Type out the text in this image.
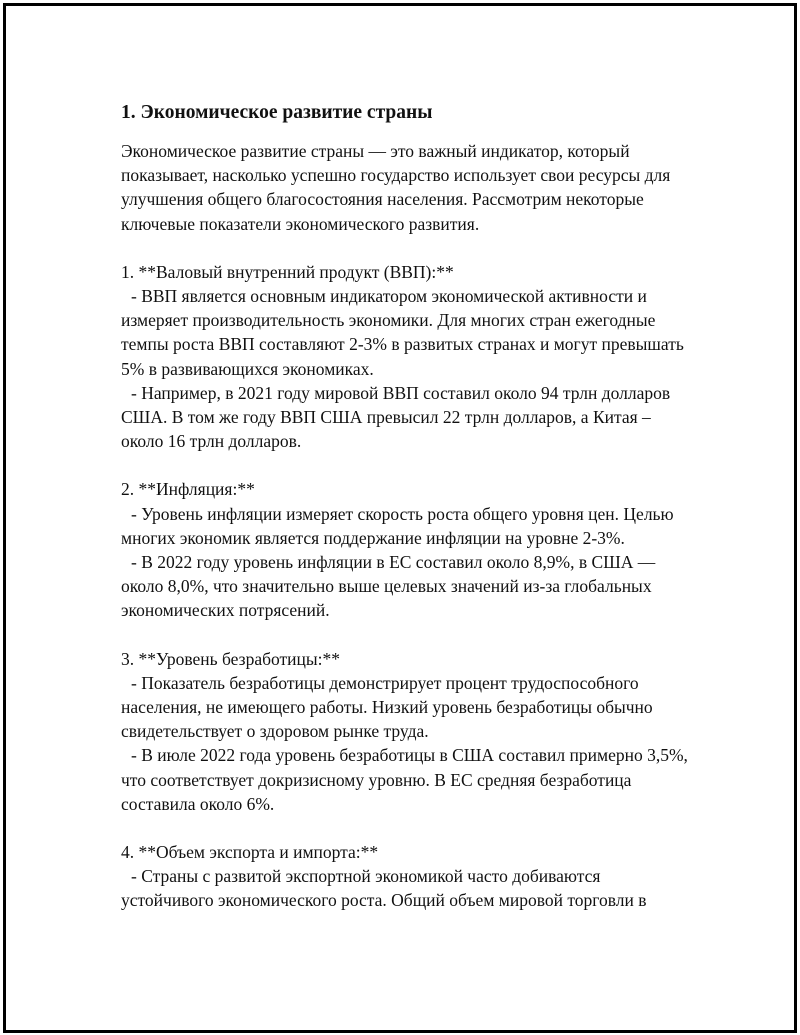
1. Экономическое развитие страны

Экономическое развитие страны — это важный индикатор, который показывает, насколько успешно государство использует свои ресурсы для улучшения общего благосостояния населения. Рассмотрим некоторые ключевые показатели экономического развития.

1. **Валовый внутренний продукт (ВВП):**

- ВВП является основным индикатором экономической активности и измеряет производительность экономики. Для многих стран ежегодные темпы роста ВВП составляют 2-3% в развитых странах и могут превышать 5% в развивающихся экономиках.

- Например, в 2021 году мировой ВВП составил около 94 трлн долларов США. В том же году ВВП США превысил 22 трлн долларов, а Китая – около 16 трлн долларов.

2. **Инфляция:**

- Уровень инфляции измеряет скорость роста общего уровня цен. Целью многих экономик является поддержание инфляции на уровне 2-3%.

- В 2022 году уровень инфляции в ЕС составил около 8,9%, в США — около 8,0%, что значительно выше целевых значений из-за глобальных экономических потрясений.

3. **Уровень безработицы:**

- Показатель безработицы демонстрирует процент трудоспособного населения, не имеющего работы. Низкий уровень безработицы обычно свидетельствует о здоровом рынке труда.

- В июле 2022 года уровень безработицы в США составил примерно 3,5%, что соответствует докризисному уровню. В ЕС средняя безработица составила около 6%.

4. **Объем экспорта и импорта:**

- Страны с развитой экспортной экономикой часто добиваются устойчивого экономического роста. Общий объем мировой торговли в
